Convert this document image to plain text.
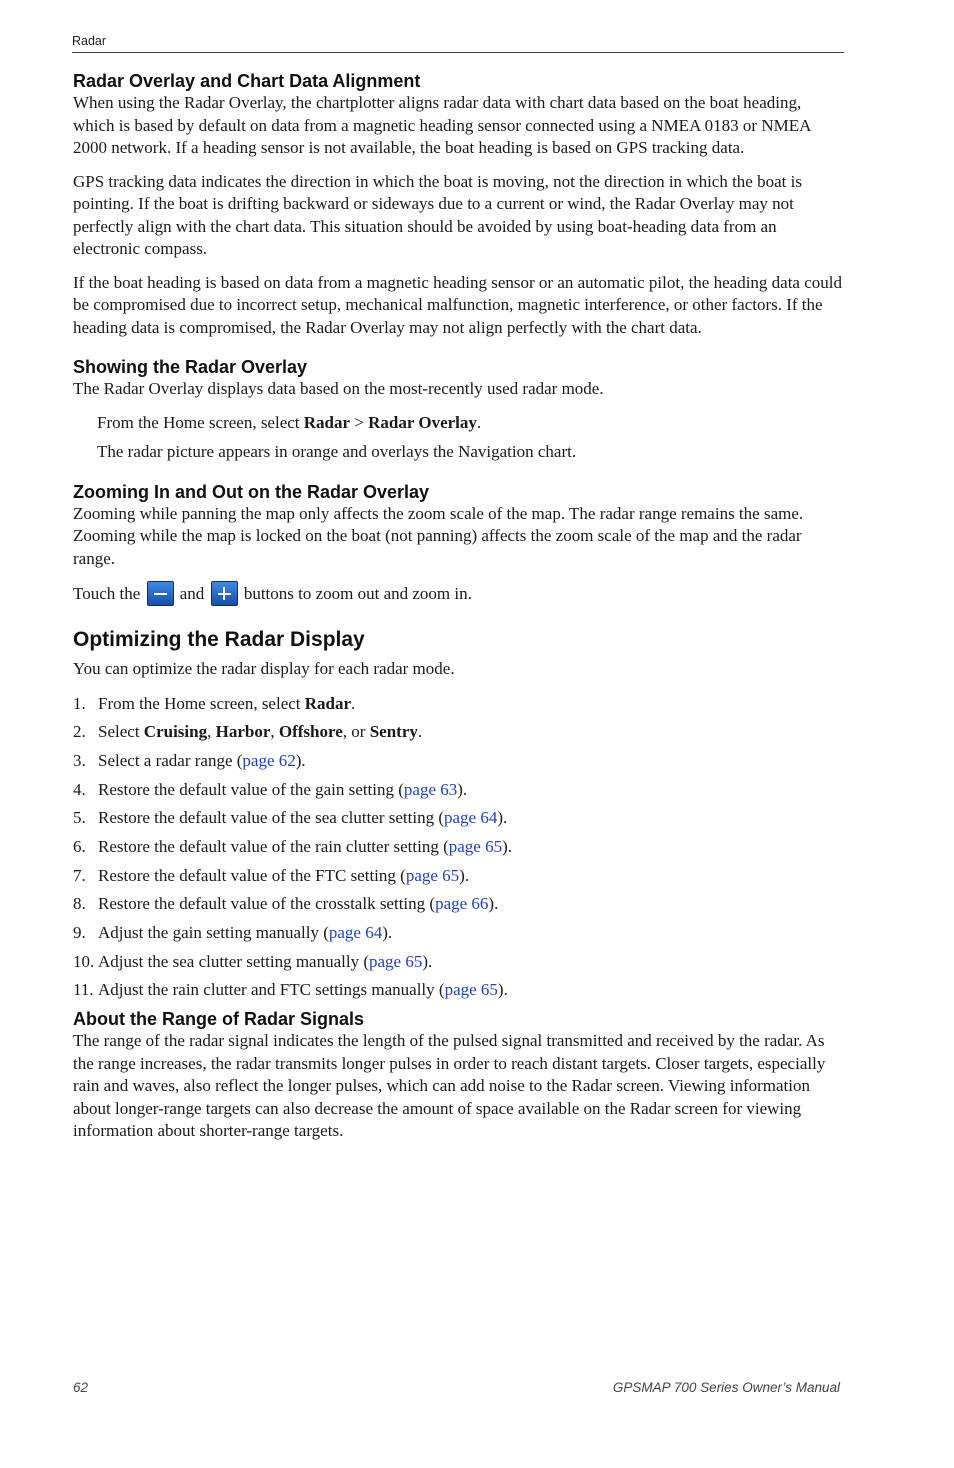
Radar
Radar Overlay and Chart Data Alignment

When using the Radar Overlay, the chartplotter aligns radar data with chart data based on the boat heading, which is based by default on data from a magnetic heading sensor connected using a NMEA 0183 or NMEA 2000 network. If a heading sensor is not available, the boat heading is based on GPS tracking data.

GPS tracking data indicates the direction in which the boat is moving, not the direction in which the boat is pointing. If the boat is drifting backward or sideways due to a current or wind, the Radar Overlay may not perfectly align with the chart data. This situation should be avoided by using boat-heading data from an electronic compass.

If the boat heading is based on data from a magnetic heading sensor or an automatic pilot, the heading data could be compromised due to incorrect setup, mechanical malfunction, magnetic interference, or other factors. If the heading data is compromised, the Radar Overlay may not align perfectly with the chart data.

Showing the Radar Overlay

The Radar Overlay displays data based on the most-recently used radar mode.

From the Home screen, select Radar > Radar Overlay.

The radar picture appears in orange and overlays the Navigation chart.

Zooming In and Out on the Radar Overlay

Zooming while panning the map only affects the zoom scale of the map. The radar range remains the same. Zooming while the map is locked on the boat (not panning) affects the zoom scale of the map and the radar range.

Touch the
and
buttons to zoom out and zoom in.

Optimizing the Radar Display

You can optimize the radar display for each radar mode.

1. From the Home screen, select Radar.
2. Select Cruising, Harbor, Offshore, or Sentry.
3. Select a radar range (page 62).
4. Restore the default value of the gain setting (page 63).
5. Restore the default value of the sea clutter setting (page 64).
6. Restore the default value of the rain clutter setting (page 65).
7. Restore the default value of the FTC setting (page 65).
8. Restore the default value of the crosstalk setting (page 66).
9. Adjust the gain setting manually (page 64).
10. Adjust the sea clutter setting manually (page 65).
11. Adjust the rain clutter and FTC settings manually (page 65).
About the Range of Radar Signals

The range of the radar signal indicates the length of the pulsed signal transmitted and received by the radar. As the range increases, the radar transmits longer pulses in order to reach distant targets. Closer targets, especially rain and waves, also reflect the longer pulses, which can add noise to the Radar screen. Viewing information about longer-range targets can also decrease the amount of space available on the Radar screen for viewing information about shorter-range targets.

62	GPSMAP 700 Series Owner’s Manual
